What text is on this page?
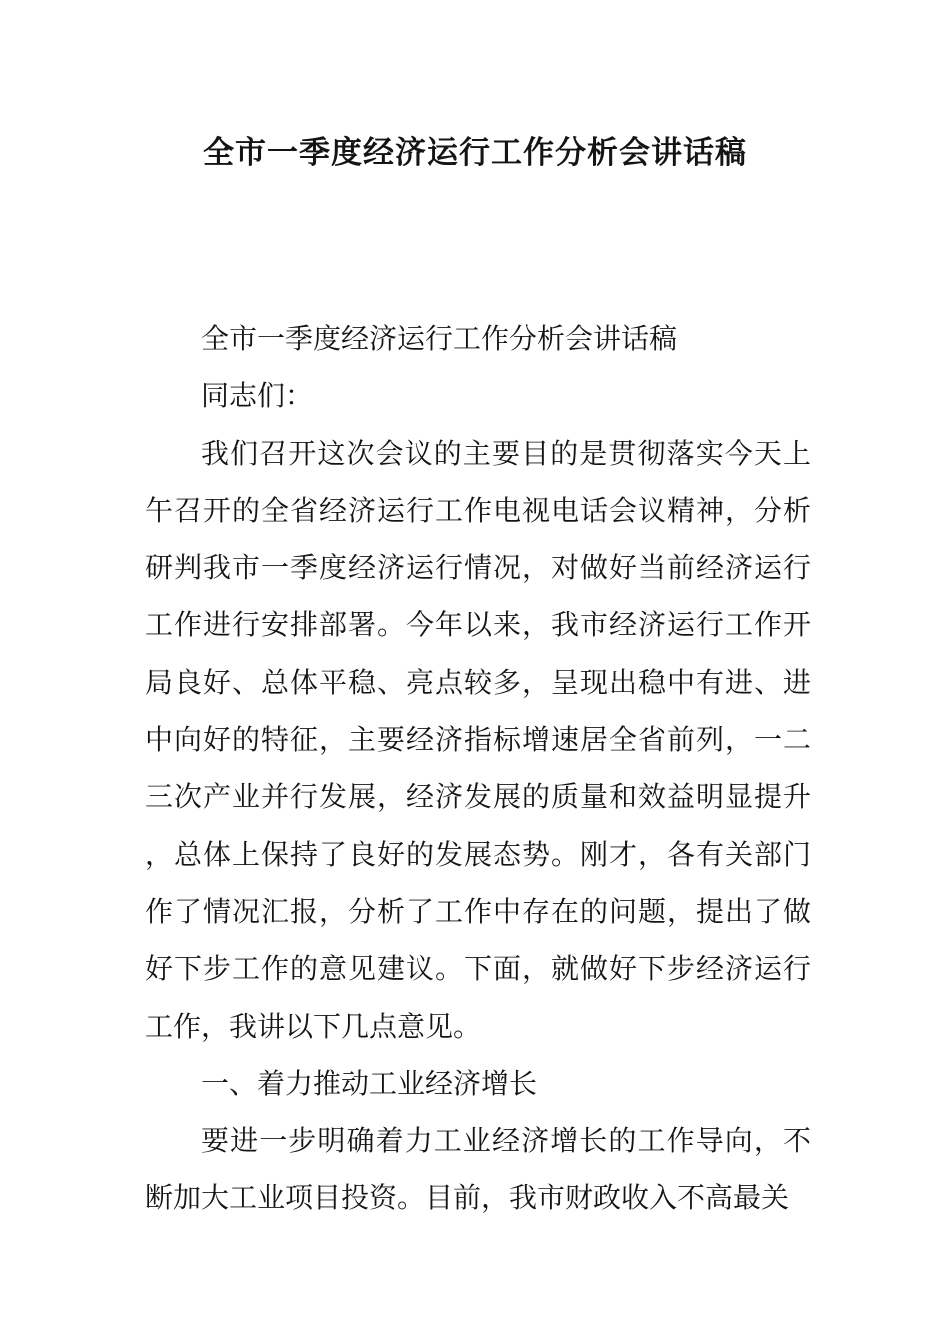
全市一季度经济运行工作分析会讲话稿

全市一季度经济运行工作分析会讲话稿

同志们：

我们召开这次会议的主要目的是贯彻落实今天上午召开的全省经济运行工作电视电话会议精神，分析研判我市一季度经济运行情况，对做好当前经济运行工作进行安排部署。今年以来，我市经济运行工作开局良好、总体平稳、亮点较多，呈现出稳中有进、进中向好的特征，主要经济指标增速居全省前列，一二三次产业并行发展，经济发展的质量和效益明显提升，总体上保持了良好的发展态势。刚才，各有关部门作了情况汇报，分析了工作中存在的问题，提出了做好下步工作的意见建议。下面，就做好下步经济运行工作，我讲以下几点意见。

一、着力推动工业经济增长

要进一步明确着力工业经济增长的工作导向，不断加大工业项目投资。目前，我市财政收入不高最关
